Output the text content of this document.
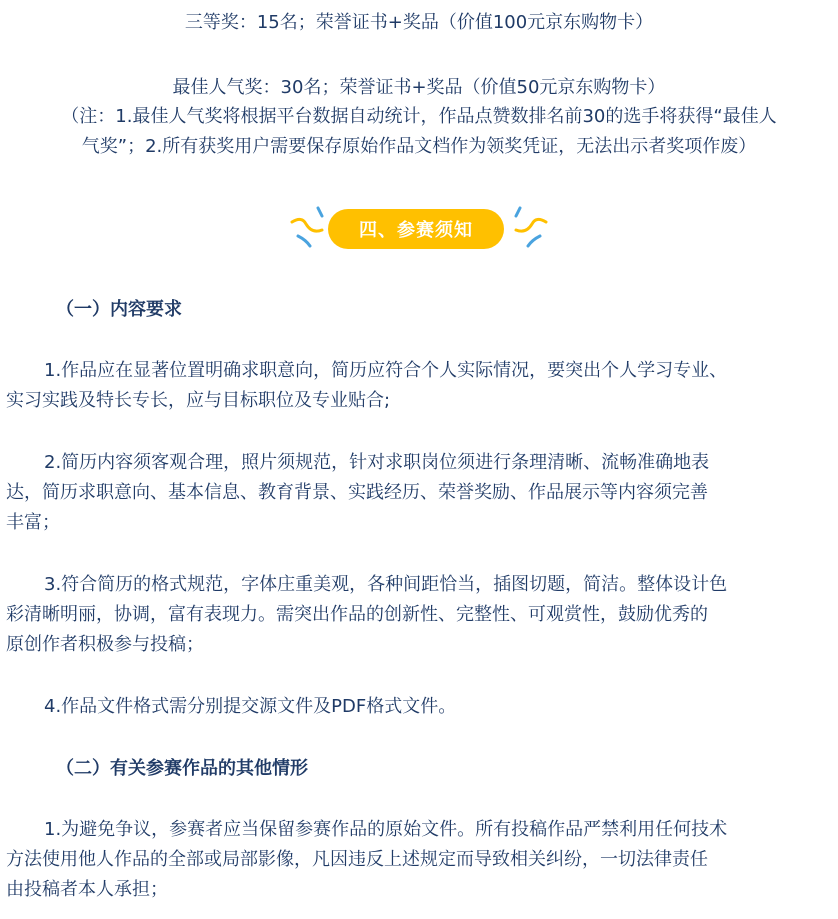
三等奖：15名；荣誉证书+奖品（价值100元京东购物卡）
最佳人气奖：30名；荣誉证书+奖品（价值50元京东购物卡）
（注：1.最佳人气奖将根据平台数据自动统计，作品点赞数排名前30的选手将获得“最佳人
气奖”；2.所有获奖用户需要保存原始作品文档作为领奖凭证，无法出示者奖项作废）
四、参赛须知
（一）内容要求
1.作品应在显著位置明确求职意向，简历应符合个人实际情况，要突出个人学习专业、
实习实践及特长专长，应与目标职位及专业贴合;
2.简历内容须客观合理，照片须规范，针对求职岗位须进行条理清晰、流畅准确地表
达，简历求职意向、基本信息、教育背景、实践经历、荣誉奖励、作品展示等内容须完善
丰富；
3.符合简历的格式规范，字体庄重美观，各种间距恰当，插图切题，简洁。整体设计色
彩清晰明丽，协调，富有表现力。需突出作品的创新性、完整性、可观赏性，鼓励优秀的
原创作者积极参与投稿；
4.作品文件格式需分别提交源文件及PDF格式文件。
（二）有关参赛作品的其他情形
1.为避免争议，参赛者应当保留参赛作品的原始文件。所有投稿作品严禁利用任何技术
方法使用他人作品的全部或局部影像，凡因违反上述规定而导致相关纠纷，一切法律责任
由投稿者本人承担；
